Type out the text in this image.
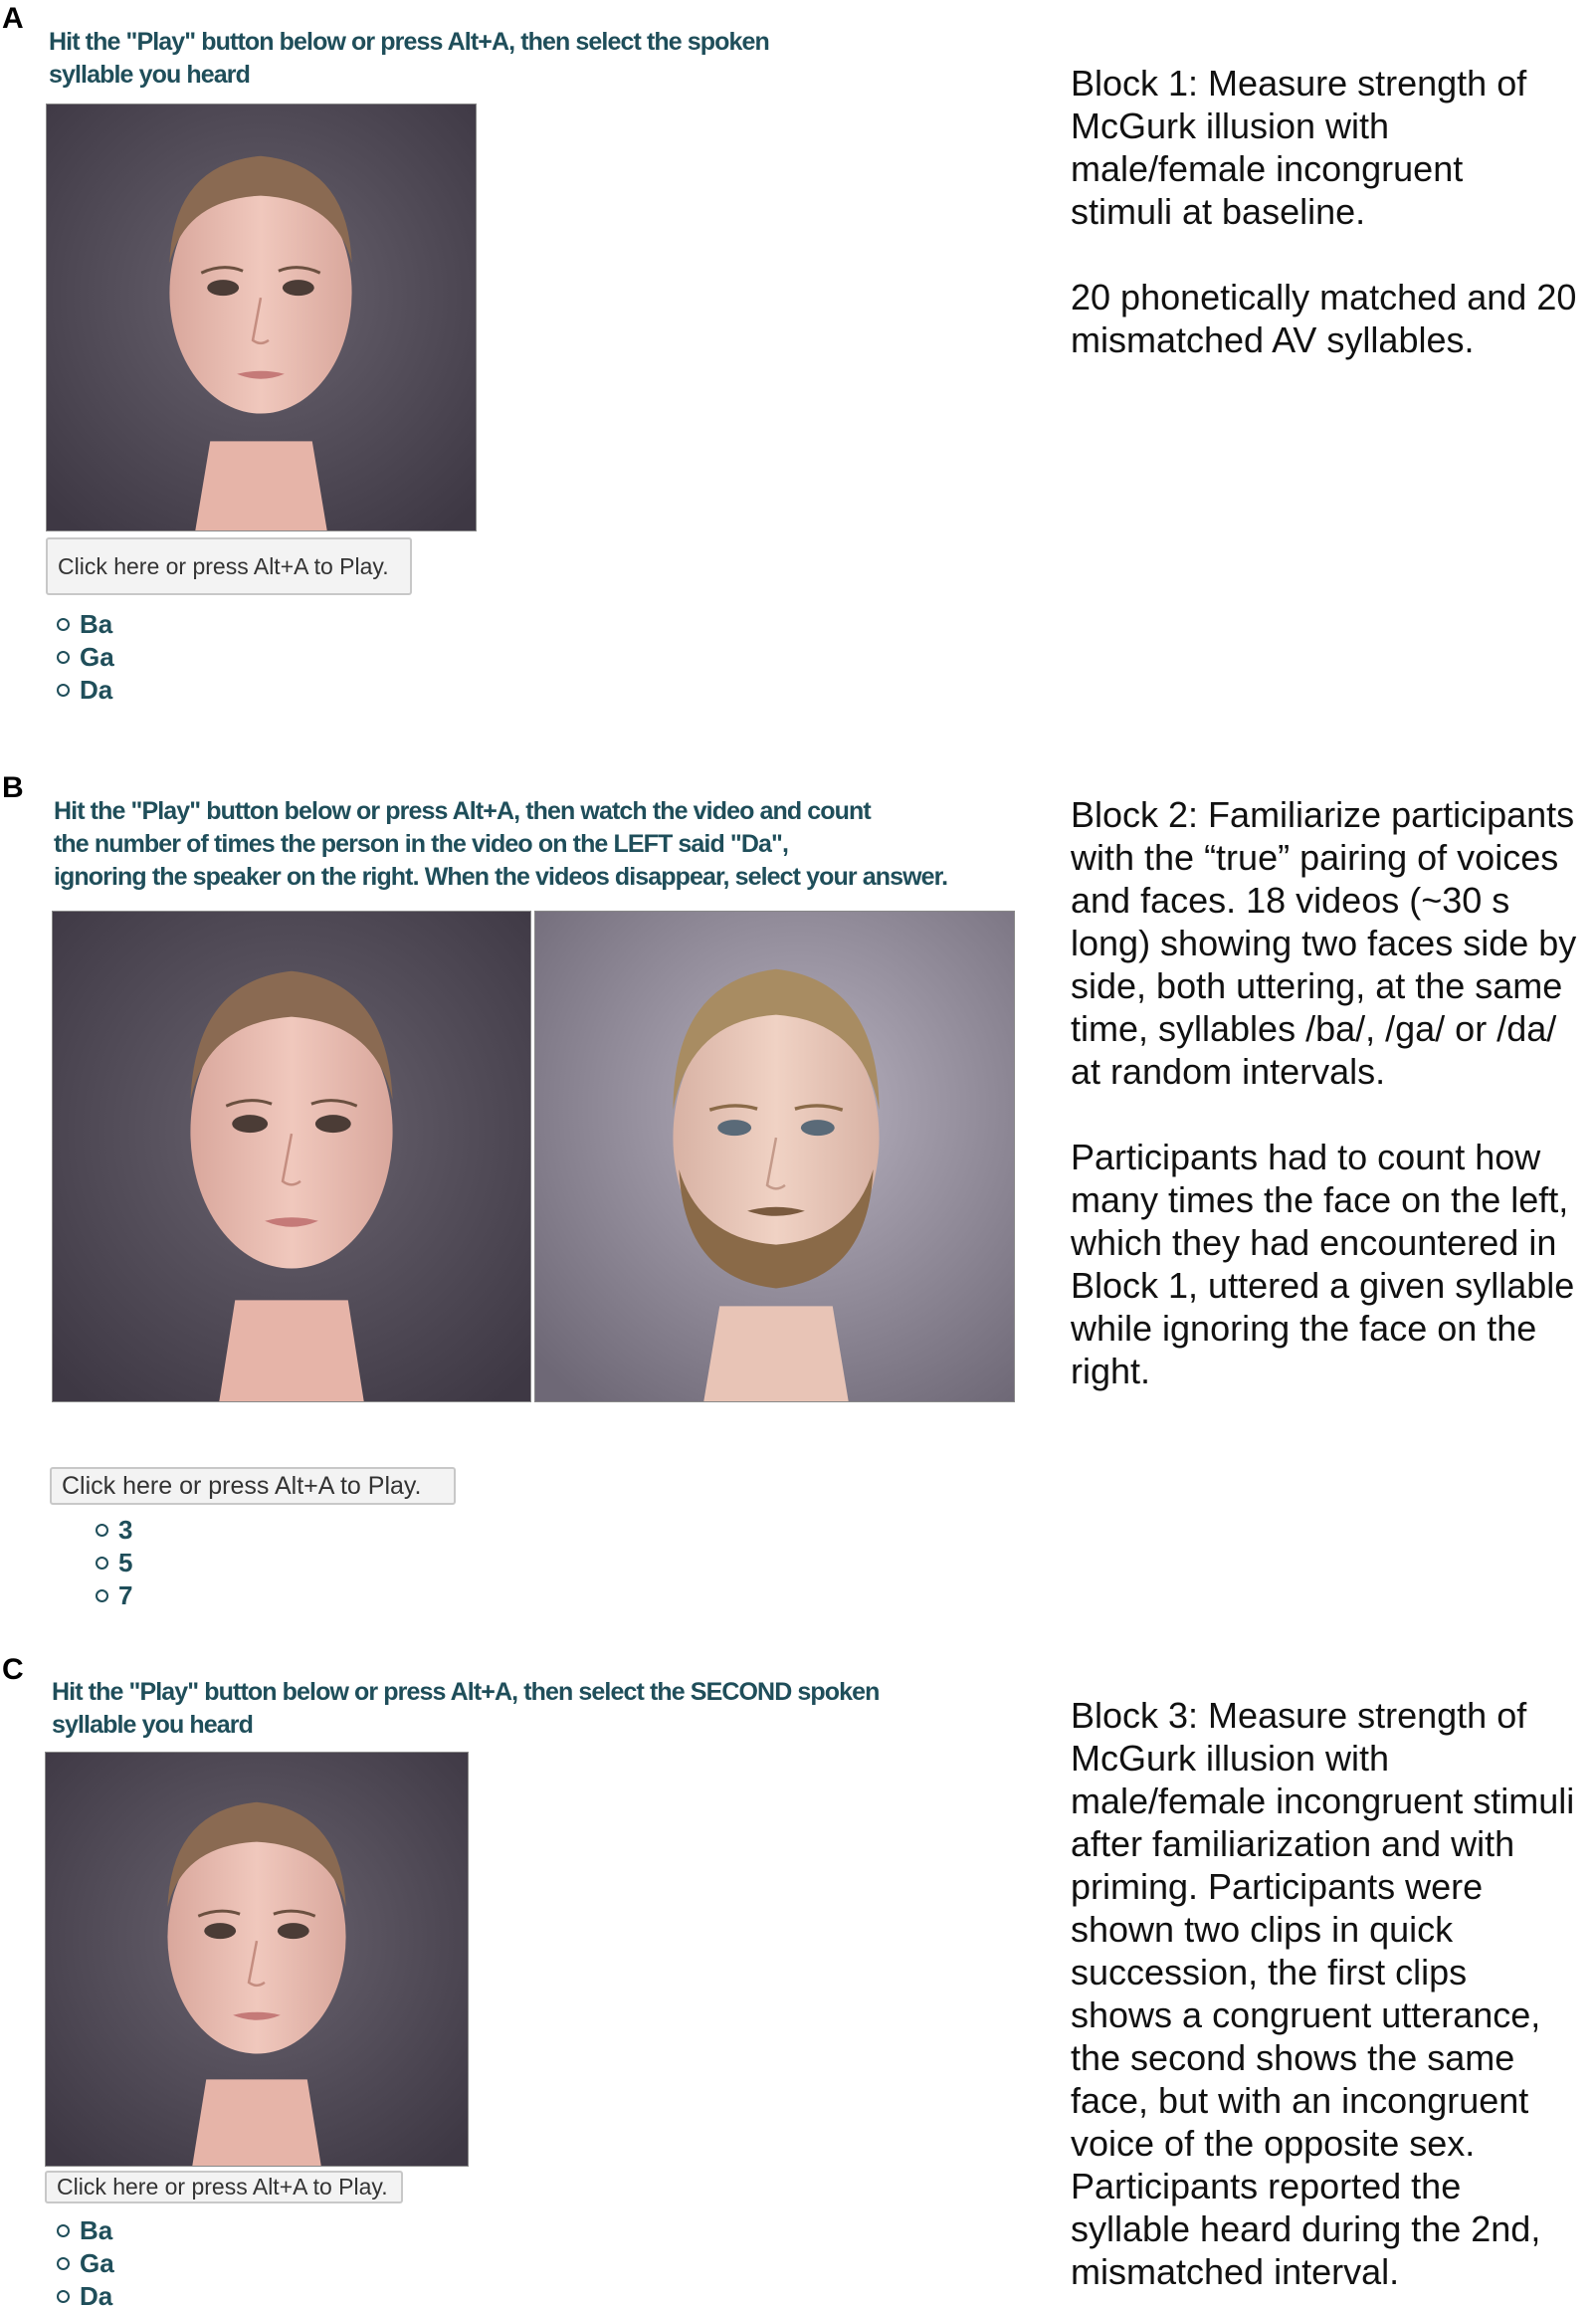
A
Hit the "Play" button below or press Alt+A, then select the spoken
syllable you heard
Click here or press Alt+A to Play.
Ba
Ga
Da

Block 1: Measure strength of
McGurk illusion with
male/female incongruent
stimuli at baseline.

20 phonetically matched and 20
mismatched AV syllables.

B
Hit the "Play" button below or press Alt+A, then watch the video and count
the number of times the person in the video on the LEFT said "Da",
ignoring the speaker on the right. When the videos disappear, select your answer.
Click here or press Alt+A to Play.
3
5
7

Block 2: Familiarize participants
with the “true” pairing of voices
and faces. 18 videos (~30 s
long) showing two faces side by
side, both uttering, at the same
time, syllables /ba/, /ga/ or /da/
at random intervals.

Participants had to count how
many times the face on the left,
which they had encountered in
Block 1, uttered a given syllable
while ignoring the face on the
right.

C
Hit the "Play" button below or press Alt+A, then select the SECOND spoken
syllable you heard
Click here or press Alt+A to Play.
Ba
Ga
Da

Block 3: Measure strength of
McGurk illusion with
male/female incongruent stimuli
after familiarization and with
priming. Participants were
shown two clips in quick
succession, the first clips
shows a congruent utterance,
the second shows the same
face, but with an incongruent
voice of the opposite sex.
Participants reported the
syllable heard during the 2nd,
mismatched interval.
